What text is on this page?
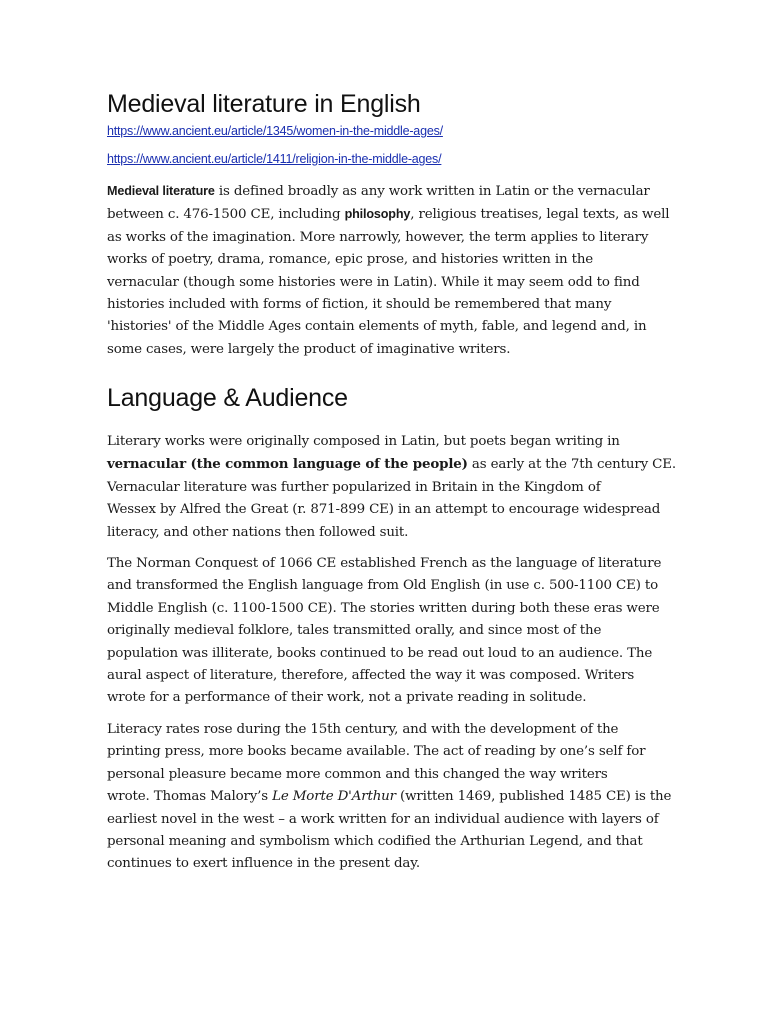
Medieval literature in English
https://www.ancient.eu/article/1345/women-in-the-middle-ages/
https://www.ancient.eu/article/1411/religion-in-the-middle-ages/

Medieval literature is defined broadly as any work written in Latin or the vernacular
between c. 476-1500 CE, including philosophy, religious treatises, legal texts, as well
as works of the imagination. More narrowly, however, the term applies to literary
works of poetry, drama, romance, epic prose, and histories written in the
vernacular (though some histories were in Latin). While it may seem odd to find
histories included with forms of fiction, it should be remembered that many
'histories' of the Middle Ages contain elements of myth, fable, and legend and, in
some cases, were largely the product of imaginative writers.

Language & Audience

Literary works were originally composed in Latin, but poets began writing in
vernacular (the common language of the people) as early at the 7th century CE.
Vernacular literature was further popularized in Britain in the Kingdom of
Wessex by Alfred the Great (r. 871-899 CE) in an attempt to encourage widespread
literacy, and other nations then followed suit.

The Norman Conquest of 1066 CE established French as the language of literature
and transformed the English language from Old English (in use c. 500-1100 CE) to
Middle English (c. 1100-1500 CE). The stories written during both these eras were
originally medieval folklore, tales transmitted orally, and since most of the
population was illiterate, books continued to be read out loud to an audience. The
aural aspect of literature, therefore, affected the way it was composed. Writers
wrote for a performance of their work, not a private reading in solitude.

Literacy rates rose during the 15th century, and with the development of the
printing press, more books became available. The act of reading by one’s self for
personal pleasure became more common and this changed the way writers
wrote. Thomas Malory’s Le Morte D'Arthur (written 1469, published 1485 CE) is the
earliest novel in the west – a work written for an individual audience with layers of
personal meaning and symbolism which codified the Arthurian Legend, and that
continues to exert influence in the present day.
